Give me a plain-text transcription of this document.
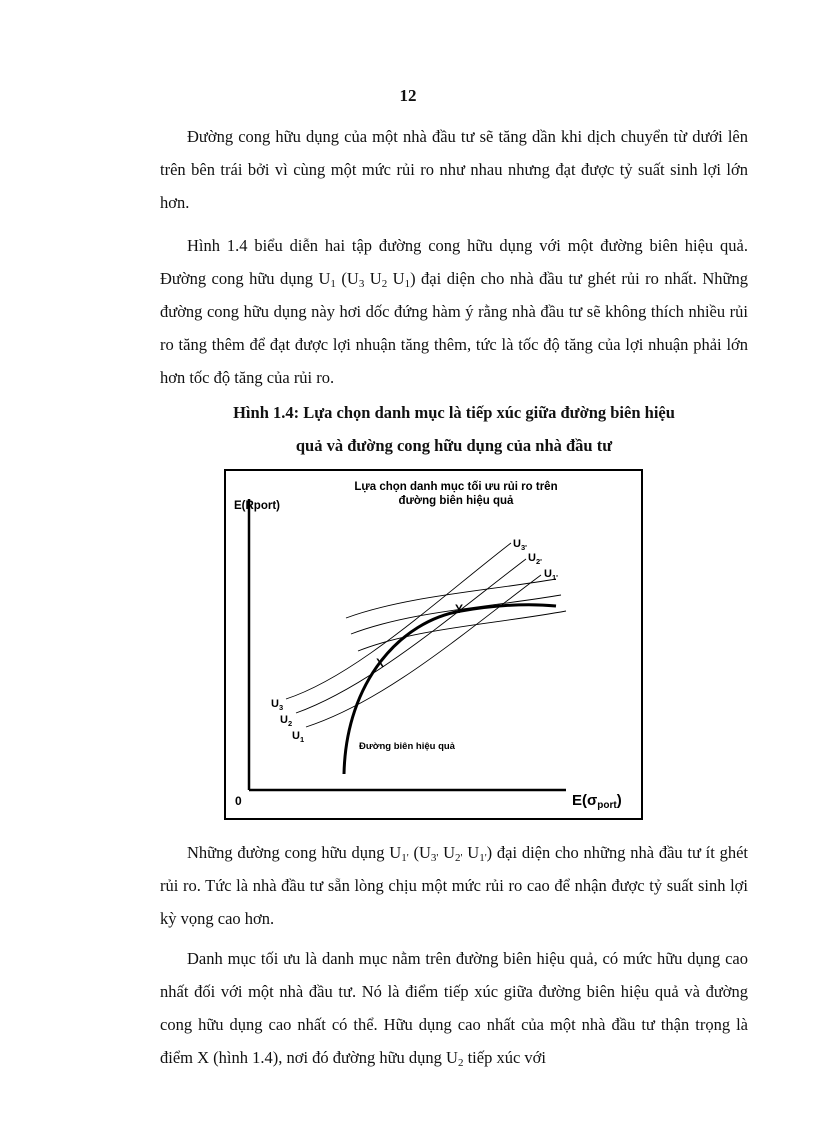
12

Đường cong hữu dụng của một nhà đầu tư sẽ tăng dần khi dịch chuyển từ dưới lên trên bên trái bởi vì cùng một mức rủi ro như nhau nhưng đạt được tỷ suất sinh lợi lớn hơn.

Hình 1.4 biểu diễn hai tập đường cong hữu dụng với một đường biên hiệu quả. Đường cong hữu dụng $U_1$ ($U_3$ $U_2$ $U_1$) đại diện cho nhà đầu tư ghét rủi ro nhất. Những đường cong hữu dụng này hơi dốc đứng hàm ý rằng nhà đầu tư sẽ không thích nhiều rủi ro tăng thêm để đạt được lợi nhuận tăng thêm, tức là tốc độ tăng của lợi nhuận phải lớn hơn tốc độ tăng của rủi ro.

Hình 1.4: Lựa chọn danh mục là tiếp xúc giữa đường biên hiệu
quả và đường cong hữu dụng của nhà đầu tư
Lựa chọn danh mục tối ưu rủi ro trên
đường biên hiệu quả
E(Rport)
0	$E(\sigma_{port})$
X
Y
$U_{3'}$
$U_{2'}$
$U_{1'}$
$U_3$
$U_2$
$U_1$
Đường biên hiệu quả

Những đường cong hữu dụng $U_{1'}$ ($U_{3'}$ $U_{2'}$ $U_{1'}$) đại diện cho những nhà đầu tư ít ghét rủi ro. Tức là nhà đầu tư sẵn lòng chịu một mức rủi ro cao để nhận được tỷ suất sinh lợi kỳ vọng cao hơn.

Danh mục tối ưu là danh mục nằm trên đường biên hiệu quả, có mức hữu dụng cao nhất đối với một nhà đầu tư. Nó là điểm tiếp xúc giữa đường biên hiệu quả và đường cong hữu dụng cao nhất có thể. Hữu dụng cao nhất của một nhà đầu tư thận trọng là điểm X (hình 1.4), nơi đó đường hữu dụng $U_2$ tiếp xúc với
